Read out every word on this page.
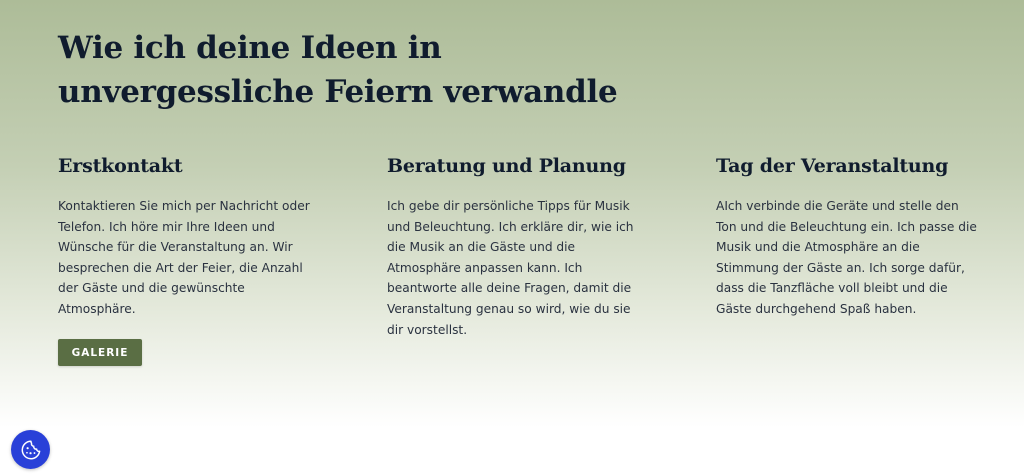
Wie ich deine Ideen in
unvergessliche Feiern verwandle
Erstkontakt

Kontaktieren Sie mich per Nachricht oder Telefon. Ich höre mir Ihre Ideen und Wünsche für die Veranstaltung an. Wir besprechen die Art der Feier, die Anzahl der Gäste und die gewünschte Atmosphäre.

Beratung und Planung

Ich gebe dir persönliche Tipps für Musik und Beleuchtung. Ich erkläre dir, wie ich die Musik an die Gäste und die Atmosphäre anpassen kann. Ich beantworte alle deine Fragen, damit die Veranstaltung genau so wird, wie du sie dir vorstellst.

Tag der Veranstaltung

AIch verbinde die Geräte und stelle den Ton und die Beleuchtung ein. Ich passe die Musik und die Atmosphäre an die Stimmung der Gäste an. Ich sorge dafür, dass die Tanzfläche voll bleibt und die Gäste durchgehend Spaß haben.

GALERIE
